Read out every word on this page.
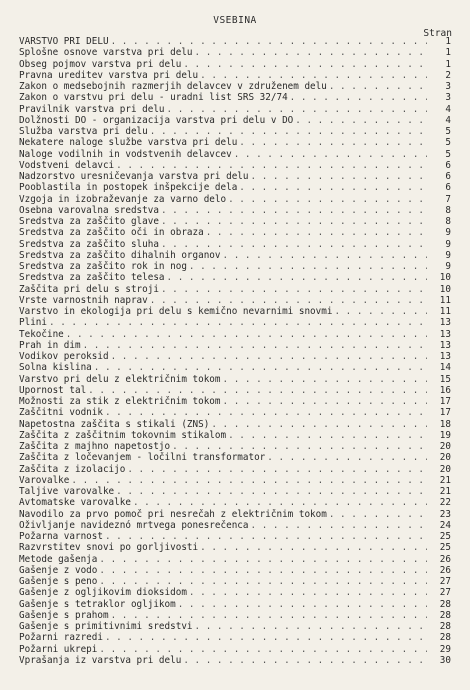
VSEBINA
Stran
VARSTVO PRI DELU . . .	1
Splošne osnove varstva pri delu . . .	1
Obseg pojmov varstva pri delu . . .	1
Pravna ureditev varstva pri delu . . .	2
Zakon o medsebojnih razmerjih delavcev v združenem delu . . .	3
Zakon o varstvu pri delu - uradni list SRS 32/74 . . .	3
Pravilnik varstva pri delu . . .	4
Dolžnosti DO - organizacija varstva pri delu v DO . . .	4
Služba varstva pri delu . . .	5
Nekatere naloge službe varstva pri delu . . .	5
Naloge vodilnih in vodstvenih delavcev . . .	5
Vodstveni delavci . . .	6
Nadzorstvo uresničevanja varstva pri delu . . .	6
Pooblastila in postopek inšpekcije dela . . .	6
Vzgoja in izobraževanje za varno delo . . .	7
Osebna varovalna sredstva . . .	8
Sredstva za zaščito glave . . .	8
Sredstva za zaščito oči in obraza . . .	9
Sredstva za zaščito sluha . . .	9
Sredstva za zaščito dihalnih organov . . .	9
Sredstva za zaščito rok in nog . . .	9
Sredstva za zaščito telesa . . .	10
Zaščita pri delu s stroji . . .	10
Vrste varnostnih naprav . . .	11
Varstvo in ekologija pri delu s kemično nevarnimi snovmi . . .	11
Plini . . .	13
Tekočine . . .	13
Prah in dim . . .	13
Vodikov peroksid . . .	13
Solna kislina . . .	14
Varstvo pri delu z električnim tokom . . .	15
Upornost tal . . .	16
Možnosti za stik z električnim tokom . . .	17
Zaščitni vodnik . . .	17
Napetostna zaščita s stikali (ZNS) . . .	18
Zaščita z zaščitnim tokovnim stikalom . . .	19
Zaščita z majhno napetostjo . . .	20
Zaščita z ločevanjem - ločilni transformator . . .	20
Zaščita z izolacijo . . .	20
Varovalke . . .	21
Taljive varovalke . . .	21
Avtomatske varovalke . . .	22
Navodilo za prvo pomoč pri nesrečah z električnim tokom . . .	23
Oživljanje navideznó mrtvega ponesrečenca . . .	24
Požarna varnost . . .	25
Razvrstitev snovi po gorljivosti . . .	25
Metode gašenja . . .	26
Gašenje z vodo . . .	26
Gašenje s peno . . .	27
Gašenje z ogljikovim dioksidom . . .	27
Gašenje s tetraklor ogljikom . . .	28
Gašenje s prahom . . .	28
Gašenje s primitivnimi sredstvi . . .	28
Požarni razredi . . .	28
Požarni ukrepi . . .	29
Vprašanja iz varstva pri delu . . .	30
